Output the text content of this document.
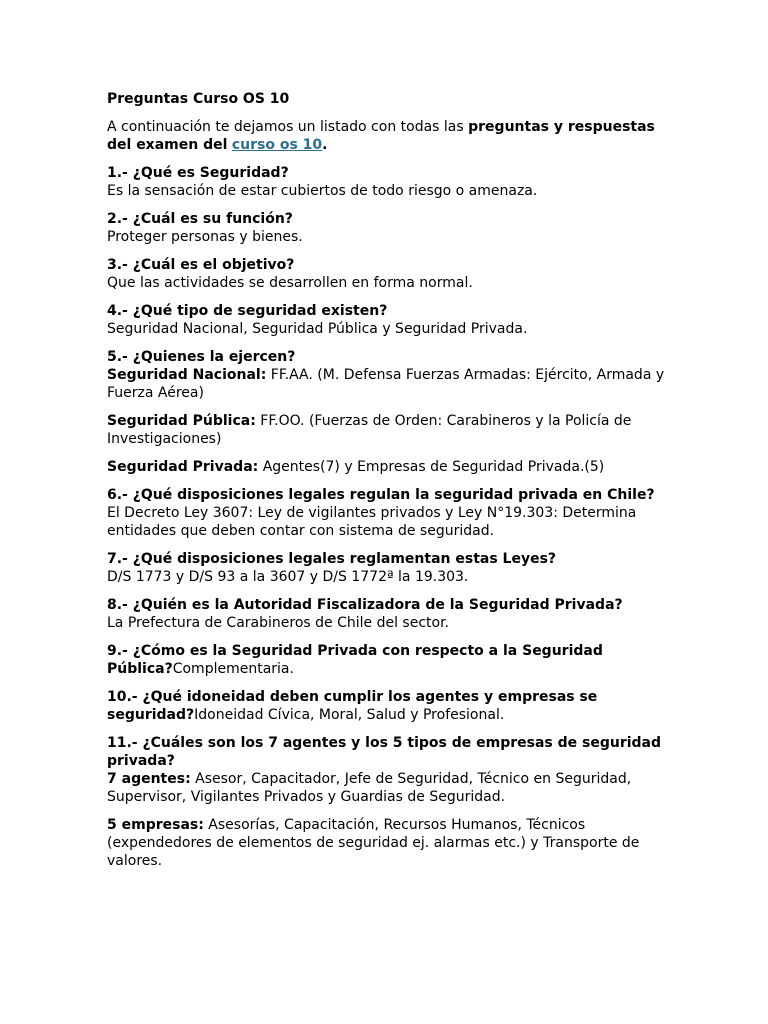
Preguntas Curso OS 10
A continuación te dejamos un listado con todas las preguntas y respuestas del examen del curso os 10.
1.- ¿Qué es Seguridad?
Es la sensación de estar cubiertos de todo riesgo o amenaza.
2.- ¿Cuál es su función?
Proteger personas y bienes.
3.- ¿Cuál es el objetivo?
Que las actividades se desarrollen en forma normal.
4.- ¿Qué tipo de seguridad existen?
Seguridad Nacional, Seguridad Pública y Seguridad Privada.
5.- ¿Quienes la ejercen?
Seguridad Nacional: FF.AA. (M. Defensa Fuerzas Armadas: Ejército, Armada y Fuerza Aérea)
Seguridad Pública: FF.OO. (Fuerzas de Orden: Carabineros y la Policía de Investigaciones)
Seguridad Privada: Agentes(7) y Empresas de Seguridad Privada.(5)
6.- ¿Qué disposiciones legales regulan la seguridad privada en Chile?
El Decreto Ley 3607: Ley de vigilantes privados y Ley N°19.303: Determina entidades que deben contar con sistema de seguridad.
7.- ¿Qué disposiciones legales reglamentan estas Leyes?
D/S 1773 y D/S 93 a la 3607 y D/S 1772ª la 19.303.
8.- ¿Quién es la Autoridad Fiscalizadora de la Seguridad Privada?
La Prefectura de Carabineros de Chile del sector.
9.- ¿Cómo es la Seguridad Privada con respecto a la Seguridad Pública?Complementaria.
10.- ¿Qué idoneidad deben cumplir los agentes y empresas se seguridad?Idoneidad Cívica, Moral, Salud y Profesional.
11.- ¿Cuáles son los 7 agentes y los 5 tipos de empresas de seguridad privada?
7 agentes: Asesor, Capacitador, Jefe de Seguridad, Técnico en Seguridad, Supervisor, Vigilantes Privados y Guardias de Seguridad.
5 empresas: Asesorías, Capacitación, Recursos Humanos, Técnicos (expendedores de elementos de seguridad ej. alarmas etc.) y Transporte de valores.
